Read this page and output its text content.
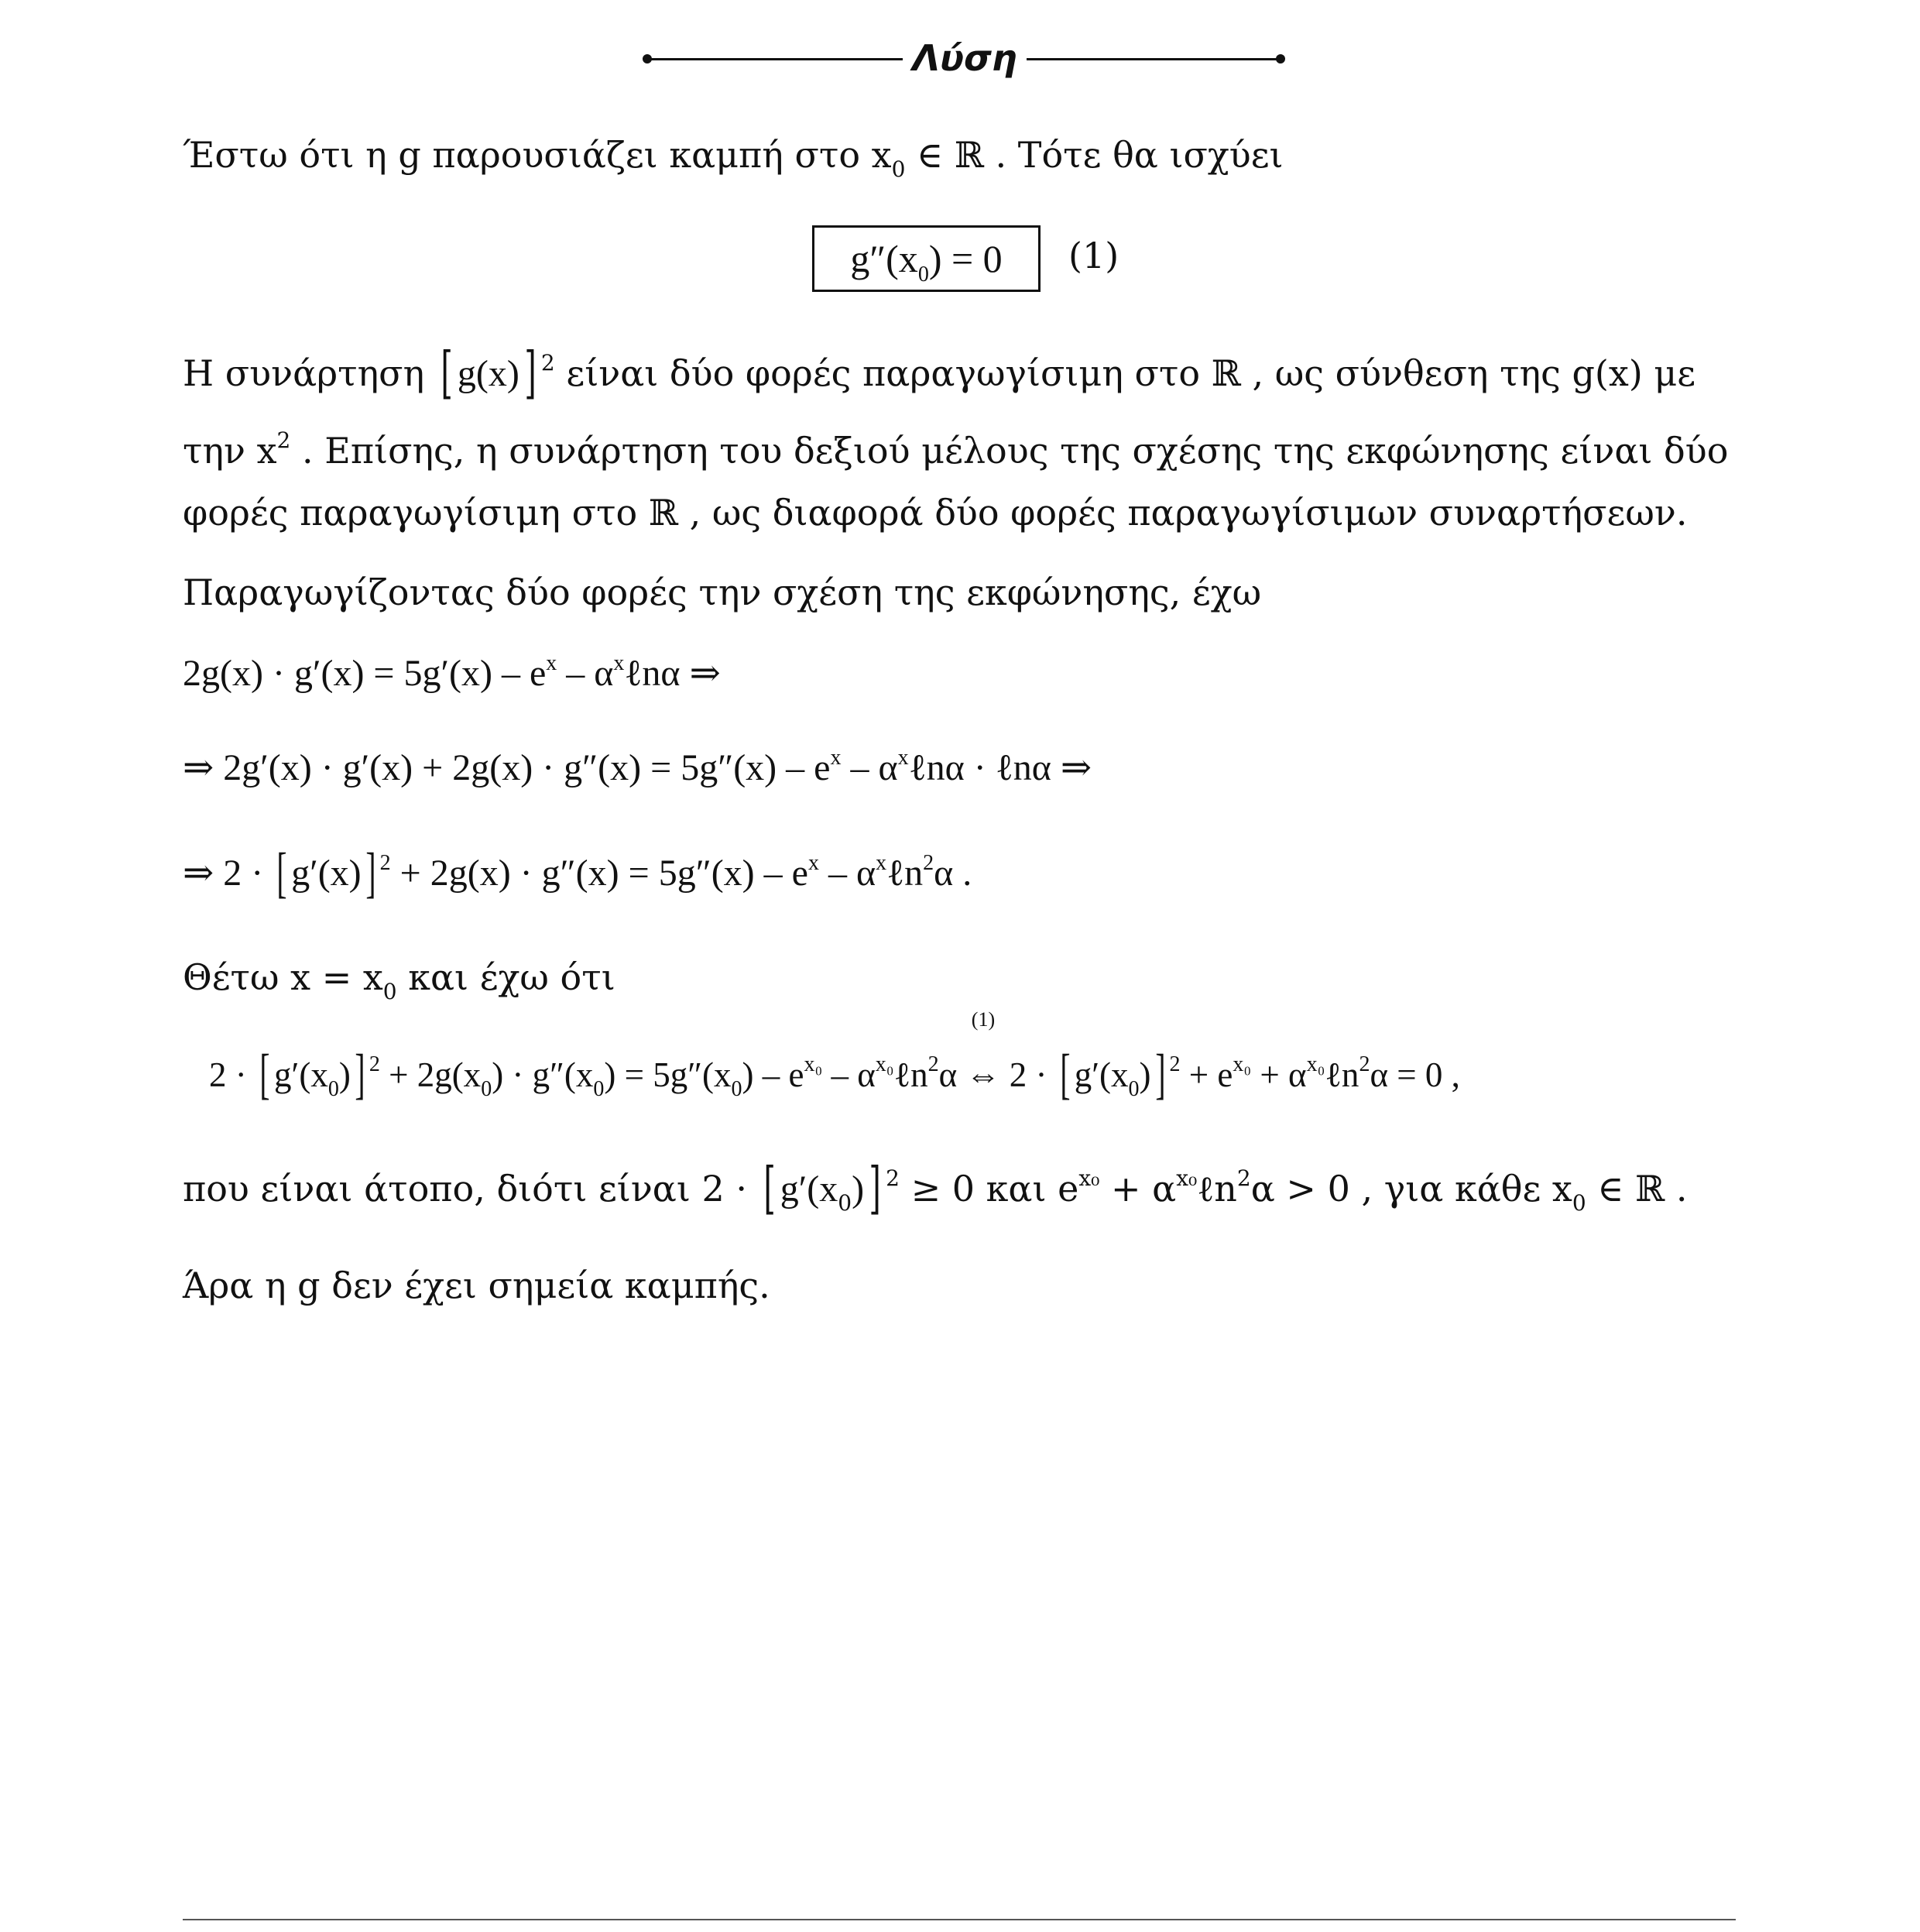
Λύση
Έστω ότι η g παρουσιάζει καμπή στο $x_0$ ∈ ℝ . Τότε θα ισχύει
$g''(x_0) = 0$	(1)
Η συνάρτηση [ g(x)] $^2$ είναι δύο φορές παραγωγίσιμη στο ℝ , ως σύνθεση της g(x) με
την $x^2$ . Επίσης, η συνάρτηση του δεξιού μέλους της σχέσης της εκφώνησης είναι δύο
φορές παραγωγίσιμη στο ℝ , ως διαφορά δύο φορές παραγωγίσιμων συναρτήσεων.
Παραγωγίζοντας δύο φορές την σχέση της εκφώνησης, έχω
$2g(x) \cdot g'(x) = 5g'(x) - e^x$ – $\alpha^x\ell n\alpha$ ⇒
⇒ $2g'(x) \cdot g'(x) + 2g(x) \cdot g''(x) = 5g''(x) - e^x$ – $\alpha^x\ell n\alpha$ · ℓnα ⇒
⇒ 2 · [ g′(x)] $^2 + 2g(x) \cdot g''(x) = 5g''(x) - e^x$ – $\alpha^x\ell n^2\alpha$ .
Θέτω $x = x_0$ και έχω ότι
2 · [ $g'(x_0)$] $^2 + 2g(x_0) \cdot g''(x_0) = 5g''(x_0) - e^{x_0}$ – $\alpha^{x_0}\ell n^2\alpha$
(1)
⇔ 2 · [ $g'(x_0)$] $^2 + e^{x_0}$ + $\alpha^{x_0}\ell n^2\alpha = 0$ ,
που είναι άτοπο, διότι είναι 2 · [ $g'(x_0)$] $^2$ ≥ 0 και $e^{x_0}$ + $\alpha^{x_0}\ell n^2\alpha > 0$ , για κάθε $x_0$ ∈ ℝ .
Άρα η g δεν έχει σημεία καμπής.
